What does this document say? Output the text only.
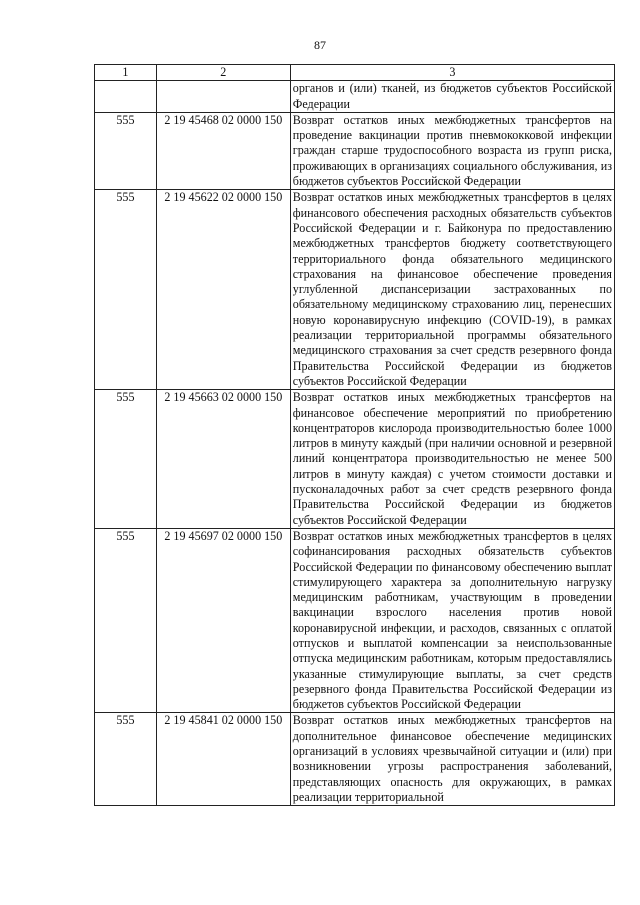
87
1	2	3
		органов и (или) тканей, из бюджетов субъектов Российской Федерации
555	2 19 45468 02 0000 150	Возврат остатков иных межбюджетных трансфертов на проведение вакцинации против пневмококковой инфекции граждан старше трудоспособного возраста из групп риска, проживающих в организациях социального обслуживания, из бюджетов субъектов Российской Федерации
555	2 19 45622 02 0000 150	Возврат остатков иных межбюджетных трансфертов в целях финансового обеспечения расходных обязательств субъектов Российской Федерации и г. Байконура по предоставлению межбюджетных трансфертов бюджету соответствующего территориального фонда обязательного медицинского страхования на финансовое обеспечение проведения углубленной диспансеризации застрахованных по обязательному медицинскому страхованию лиц, перенесших новую коронавирусную инфекцию (COVID-19), в рамках реализации территориальной программы обязательного медицинского страхования за счет средств резервного фонда Правительства Российской Федерации из бюджетов субъектов Российской Федерации
555	2 19 45663 02 0000 150	Возврат остатков иных межбюджетных трансфертов на финансовое обеспечение мероприятий по приобретению концентраторов кислорода производительностью более 1000 литров в минуту каждый (при наличии основной и резервной линий концентратора производительностью не менее 500 литров в минуту каждая) с учетом стоимости доставки и пусконаладочных работ за счет средств резервного фонда Правительства Российской Федерации из бюджетов субъектов Российской Федерации
555	2 19 45697 02 0000 150	Возврат остатков иных межбюджетных трансфертов в целях софинансирования расходных обязательств субъектов Российской Федерации по финансовому обеспечению выплат стимулирующего характера за дополнительную нагрузку медицинским работникам, участвующим в проведении вакцинации взрослого населения против новой коронавирусной инфекции, и расходов, связанных с оплатой отпусков и выплатой компенсации за неиспользованные отпуска медицинским работникам, которым предоставлялись указанные стимулирующие выплаты, за счет средств резервного фонда Правительства Российской Федерации из бюджетов субъектов Российской Федерации
555	2 19 45841 02 0000 150	Возврат остатков иных межбюджетных трансфертов на дополнительное финансовое обеспечение медицинских организаций в условиях чрезвычайной ситуации и (или) при возникновении угрозы распространения заболеваний, представляющих опасность для окружающих, в рамках реализации территориальной
